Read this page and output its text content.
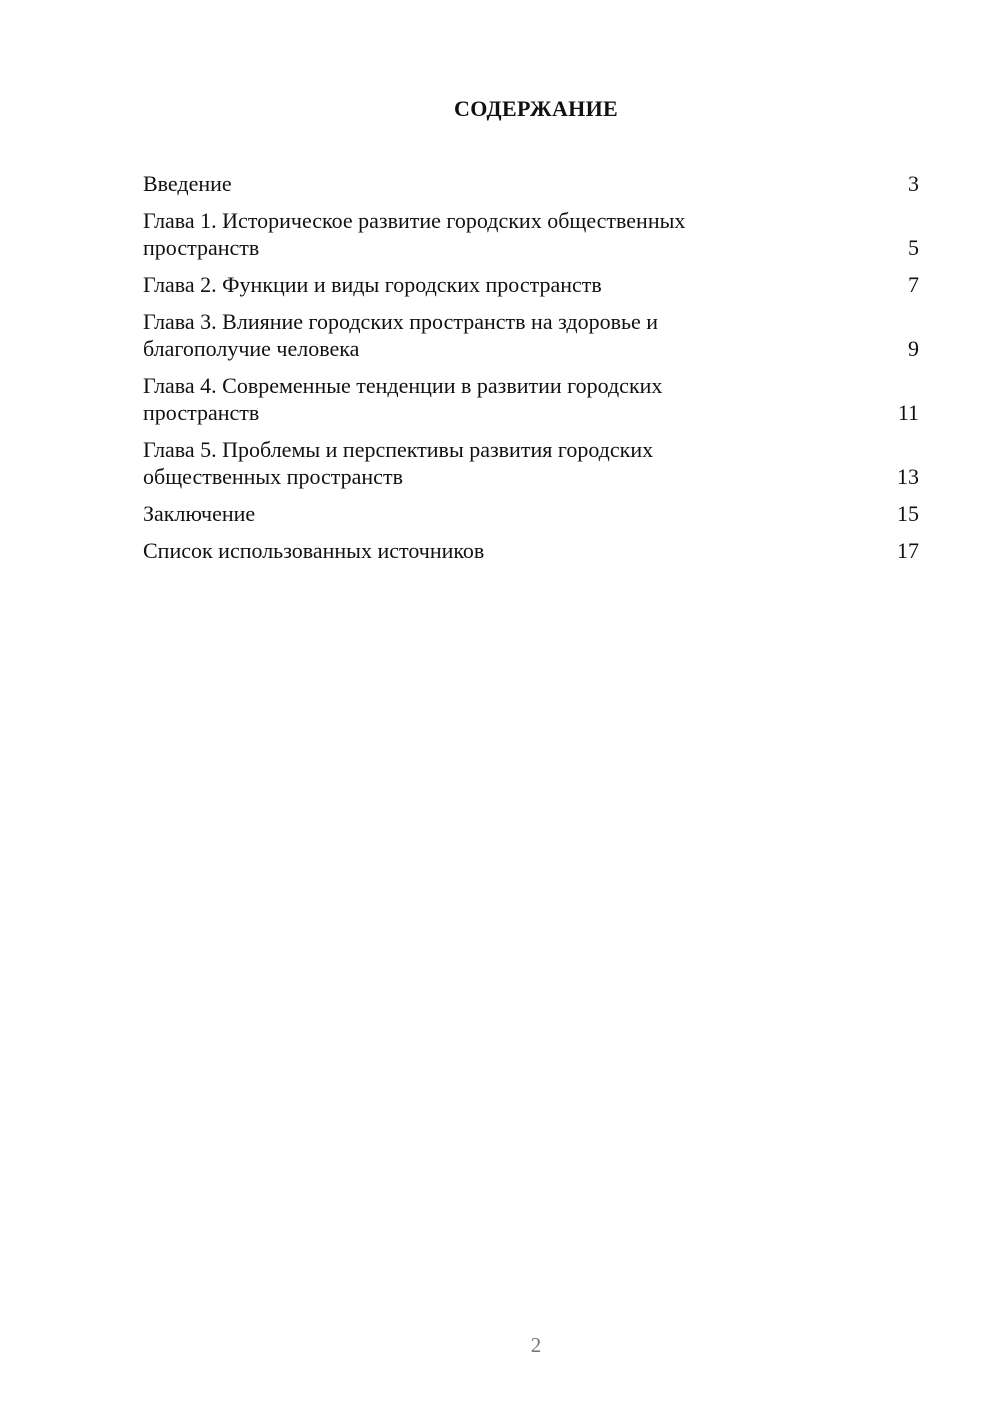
СОДЕРЖАНИЕ
Введение	3
Глава 1. Историческое развитие городских общественных
пространств	5
Глава 2. Функции и виды городских пространств	7
Глава 3. Влияние городских пространств на здоровье и
благополучие человека	9
Глава 4. Современные тенденции в развитии городских
пространств	11
Глава 5. Проблемы и перспективы развития городских
общественных пространств	13
Заключение	15
Список использованных источников	17
2
